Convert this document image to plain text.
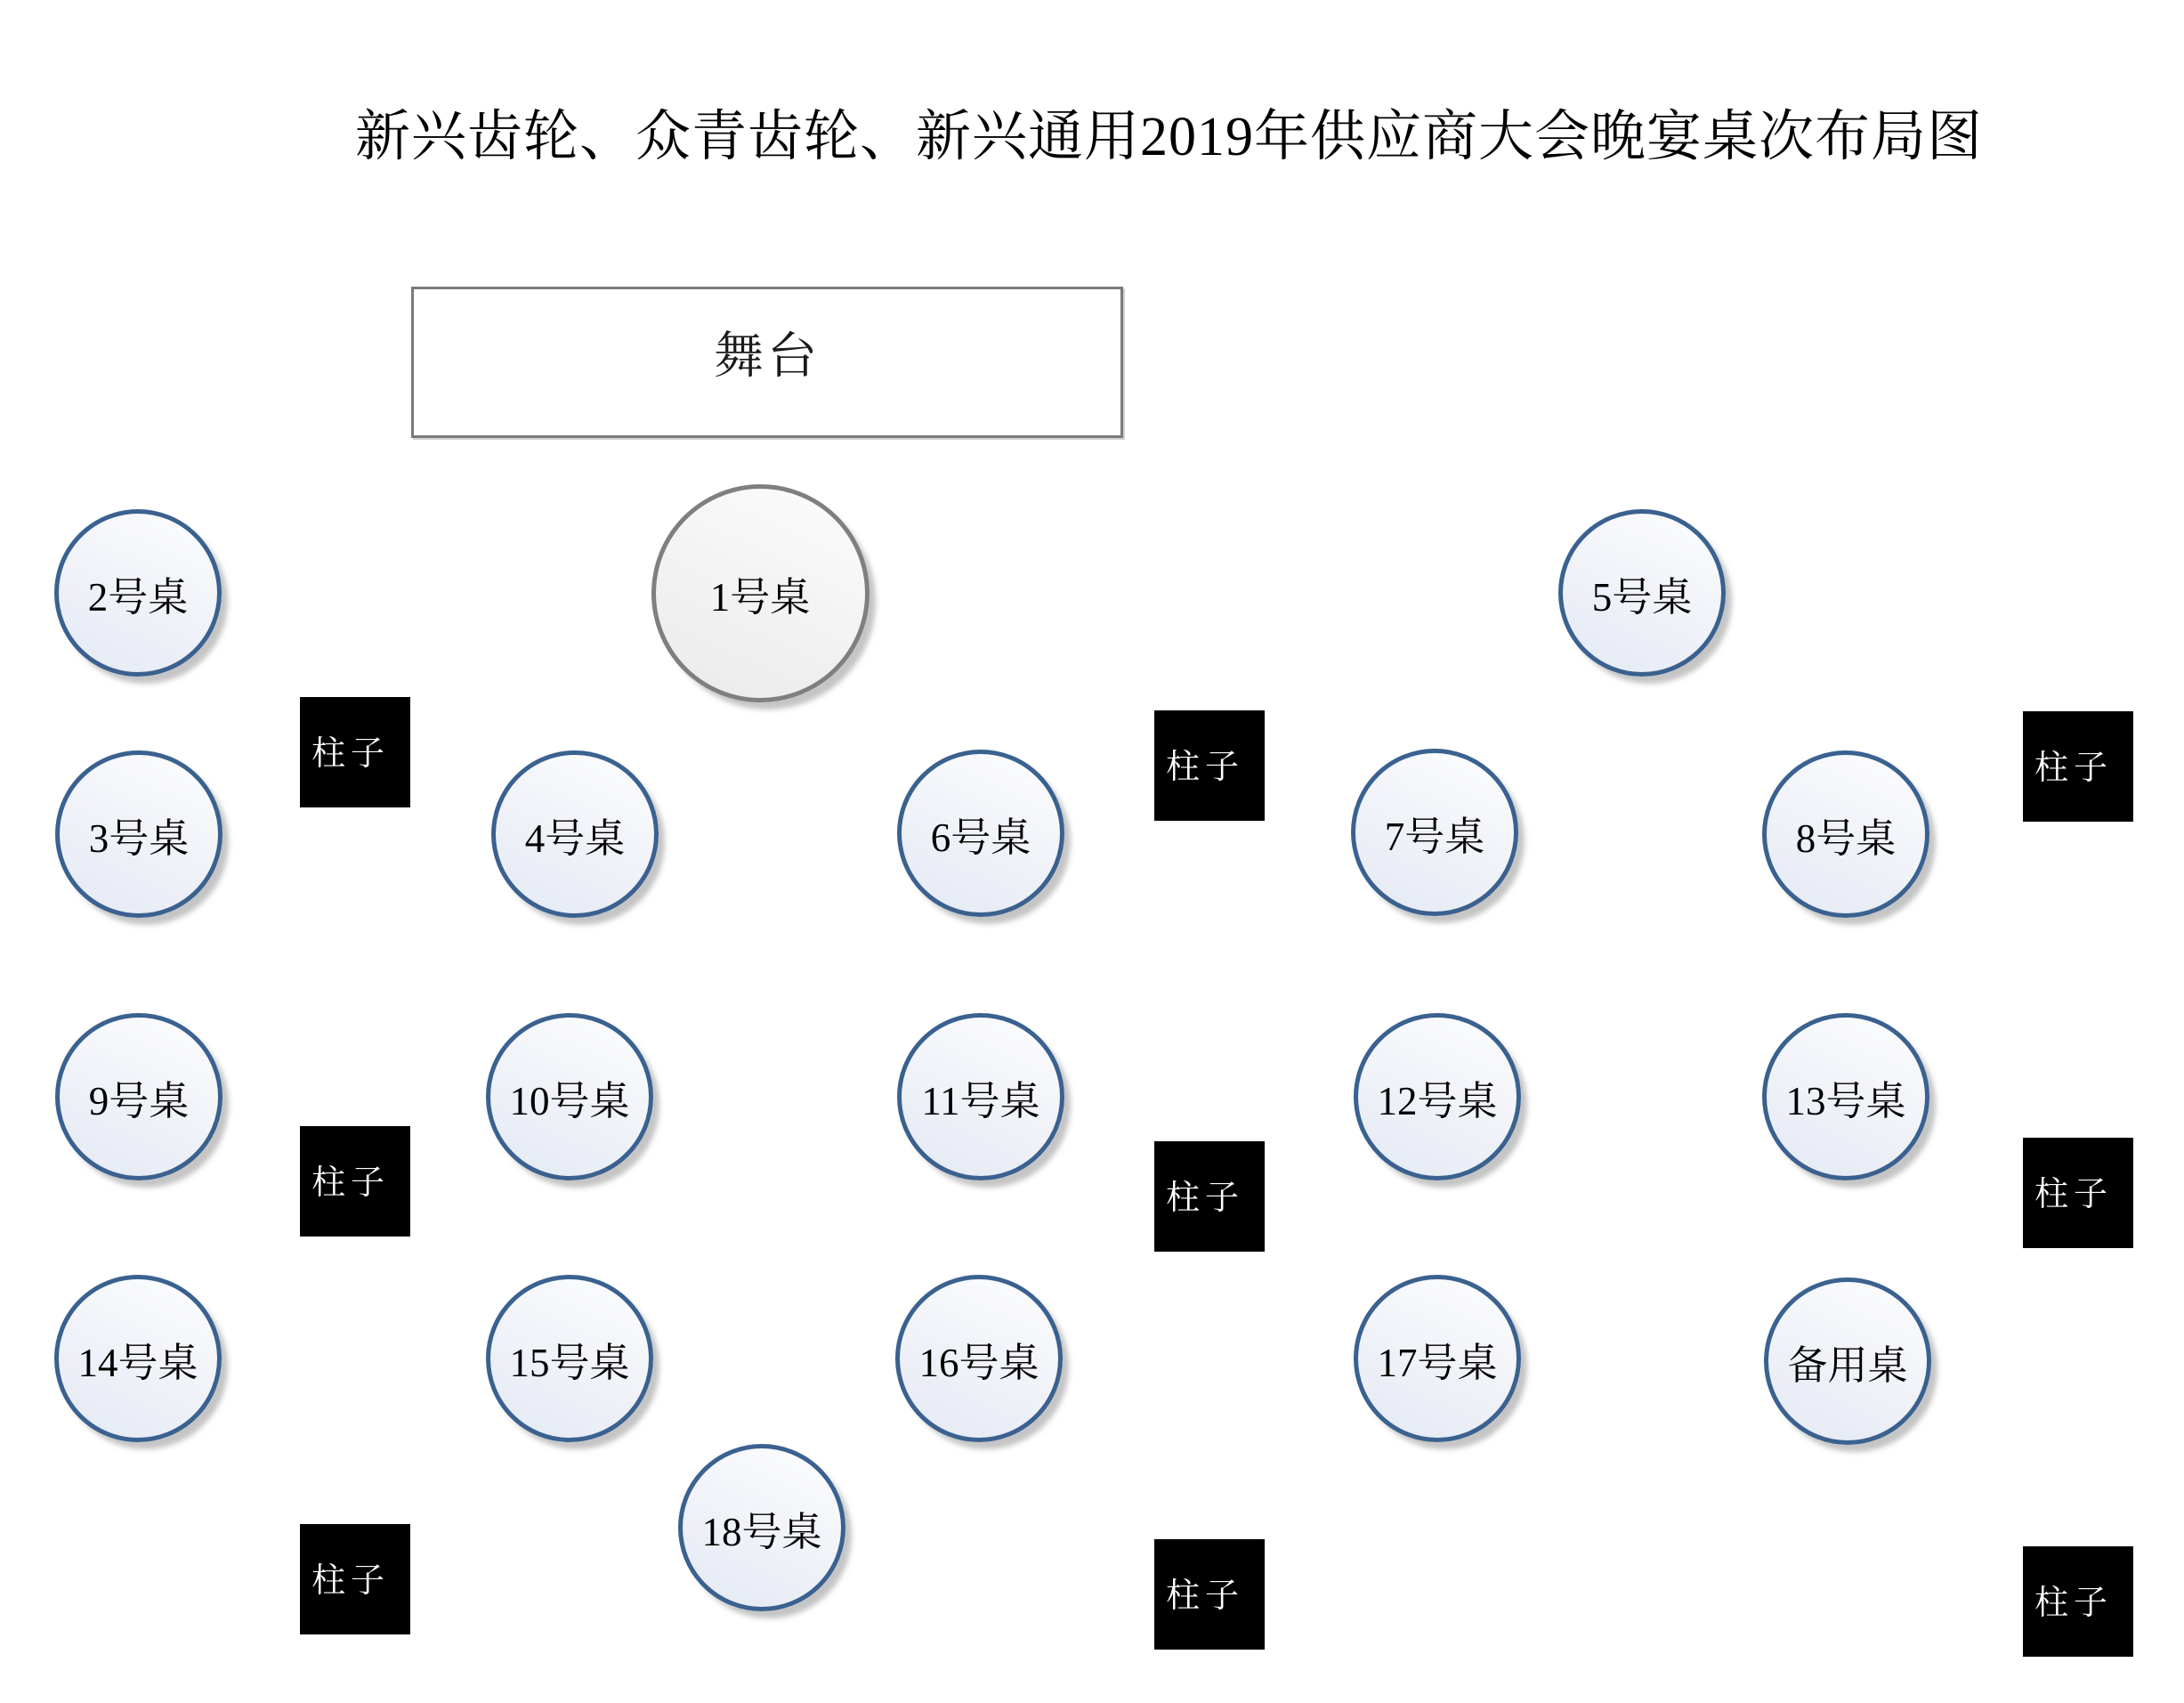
新兴齿轮、众青齿轮、新兴通用2019年供应商大会晚宴桌次布局图
舞台
1号桌
2号桌	5号桌
3号桌	4号桌	6号桌	7号桌	8号桌
9号桌	10号桌	11号桌	12号桌	13号桌
14号桌	15号桌	16号桌	17号桌	备用桌
18号桌
柱子	柱子	柱子
柱子	柱子	柱子
柱子	柱子	柱子
